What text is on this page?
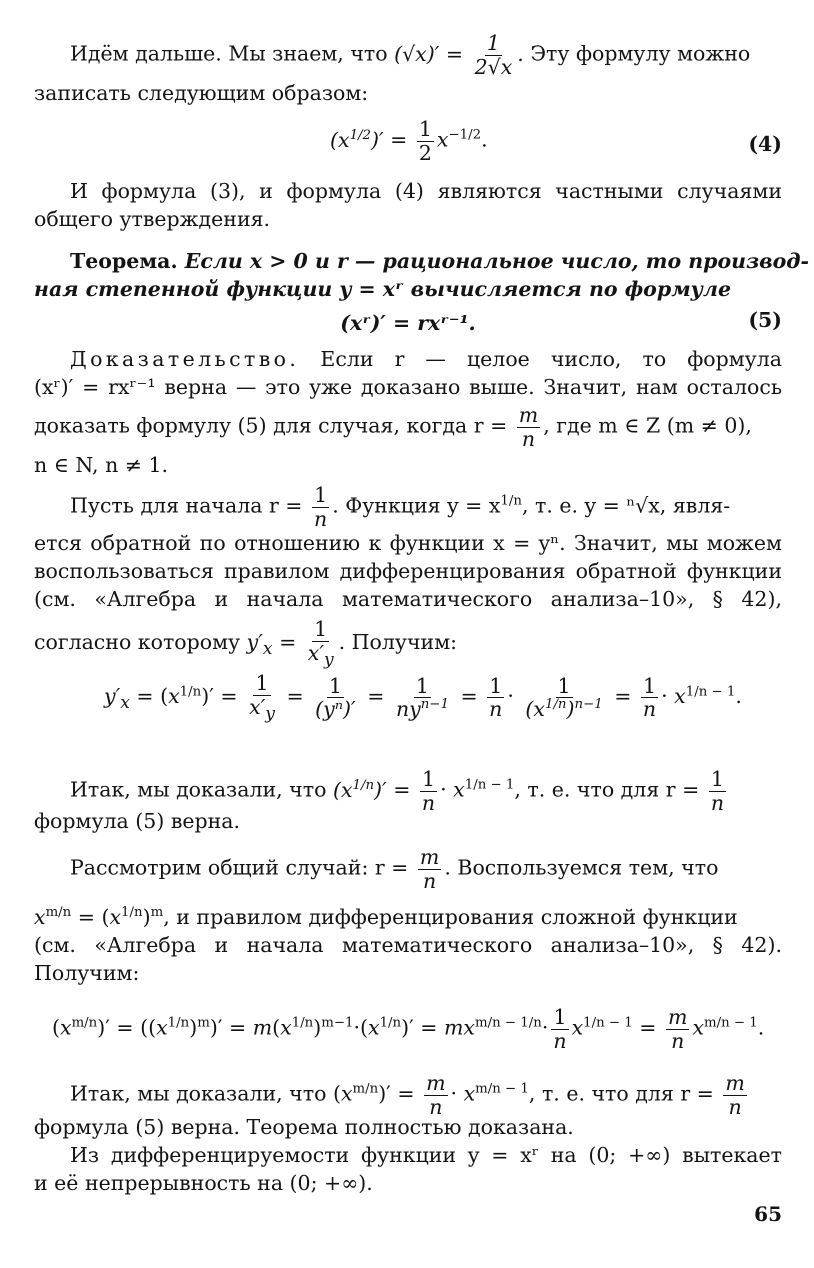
Идём дальше. Мы знаем, что $(√x)' = \frac{1}{2√x}$ . Эту формулу можно
записать следующим образом:
$(x^{1/2})' = \frac{1}{2} x^{-1/2}$.	(4)
И формула (3), и формула (4) являются частными случаями
общего утверждения.
Теорема. Если x > 0 и r — рациональное число, то производ-
ная степенной функции y = xʳ вычисляется по формуле
(xʳ)′ = rxʳ⁻¹.	(5)
Доказательство. Если r — целое число, то формула
(xʳ)′ = rxʳ⁻¹ верна — это уже доказано выше. Значит, нам осталось
доказать формулу (5) для случая, когда $r = \frac{m}{n}$ , где m ∈ Z (m ≠ 0),
n ∈ N, n ≠ 1.
Пусть для начала $r = \frac{1}{n}$ . Функция $y = x^{1/n}$, т. е. y = ⁿ√x, явля-
ется обратной по отношению к функции x = yⁿ. Значит, мы можем
воспользоваться правилом дифференцирования обратной функции
(см. «Алгебра и начала математического анализа–10», § 42),
согласно которому $y'_x = \frac{1}{x'_y}$ . Получим:
$y'_x = (x^{1/n})' = \frac{1}{x'_y} = \frac{1}{\text{(yⁿ)′}} = \frac{1}{ny^{n-1}} = \frac{1}{n} \cdot \frac{1}{(x^{1/n})^{n-1}} = \frac{1}{n} \cdot x^{1/n - 1}$.
Итак, мы доказали, что $(x^{1/n})' = \frac{1}{n} \cdot x^{1/n - 1}$, т. е. что для $r = \frac{1}{n}$
формула (5) верна.
Рассмотрим общий случай: $r = \frac{m}{n}$ . Воспользуемся тем, что
$x^{m/n} = (x^{1/n})^m$, и правилом дифференцирования сложной функции
(см. «Алгебра и начала математического анализа–10», § 42).
Получим:
$(x^{m/n})' = ((x^{1/n})^m)' = m(x^{1/n})^{m-1}\cdot(x^{1/n})' = mx^{m/n - 1/n}\cdot \frac{1}{n} x^{1/n - 1} = \frac{m}{n} x^{m/n - 1}$.
Итак, мы доказали, что $(x^{m/n})' = \frac{m}{n} \cdot x^{m/n - 1}$, т. е. что для $r = \frac{m}{n}$
формула (5) верна. Теорема полностью доказана.
Из дифференцируемости функции y = xʳ на (0; +∞) вытекает
и её непрерывность на (0; +∞).
65
